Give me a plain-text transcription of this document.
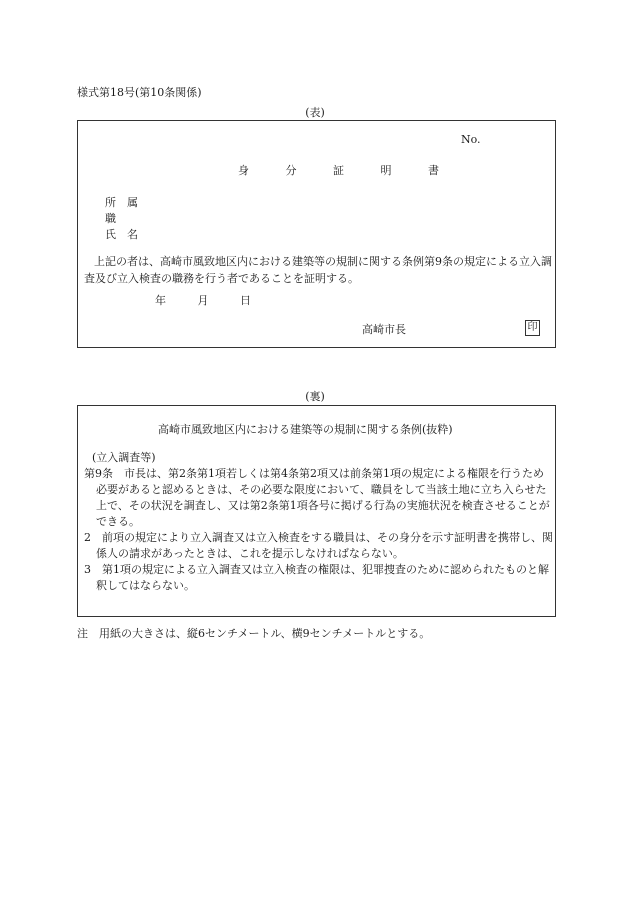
様式第18号(第10条関係)
(表)
No.
身	分	証	明	書
所　属
職
氏　名
上記の者は、高崎市風致地区内における建築等の規制に関する条例第9条の規定による立入調査及び立入検査の職務を行う者であることを証明する。
年	月	日
高崎市長	印
(裏)
高崎市風致地区内における建築等の規制に関する条例(抜粋)
(立入調査等)
第9条　市長は、第2条第1項若しくは第4条第2項又は前条第1項の規定による権限を行うため必要があると認めるときは、その必要な限度において、職員をして当該土地に立ち入らせた上で、その状況を調査し、又は第2条第1項各号に掲げる行為の実施状況を検査させることができる。
2　前項の規定により立入調査又は立入検査をする職員は、その身分を示す証明書を携帯し、関係人の請求があったときは、これを提示しなければならない。
3　第1項の規定による立入調査又は立入検査の権限は、犯罪捜査のために認められたものと解釈してはならない。
注　用紙の大きさは、縦6センチメートル、横9センチメートルとする。
